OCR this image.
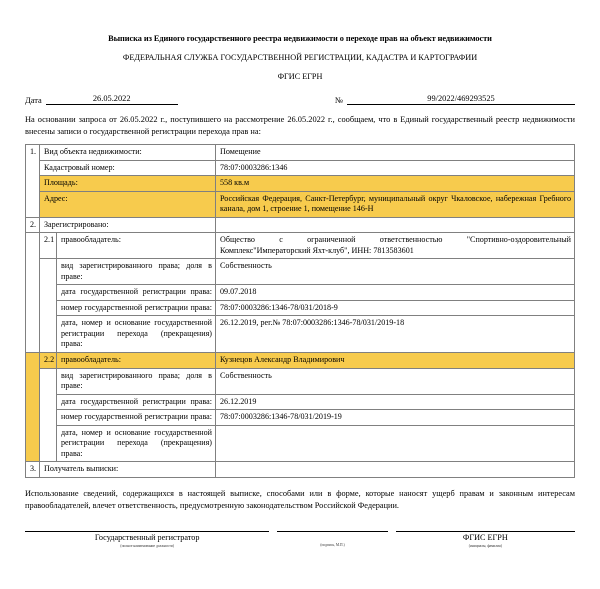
Выписка из Единого государственного реестра недвижимости о переходе прав на объект недвижимости
ФЕДЕРАЛЬНАЯ СЛУЖБА ГОСУДАРСТВЕННОЙ РЕГИСТРАЦИИ, КАДАСТРА И КАРТОГРАФИИ
ФГИС ЕГРН
Дата	26.05.2022	№	99/2022/469293525
На основании запроса от 26.05.2022 г., поступившего на рассмотрение 26.05.2022 г., сообщаем, что в Единый государственный реестр недвижимости внесены записи о государственной регистрации перехода прав на:
1.	Вид объекта недвижимости:		Помещение
	Кадастровый номер:		78:07:0003286:1346
	Площадь:		558 кв.м
	Адрес:		Российская Федерация, Санкт-Петербург, муниципальный округ Чкаловское, набережная Гребного канала, дом 1, строение 1, помещение 146-Н
2.	Зарегистрировано:		
	2.1	правообладатель:	Общество с ограниченной ответственностью "Спортивно-оздоровительный Комплекс"Императорский Яхт-клуб", ИНН: 7813583601
		вид зарегистрированного права; доля в праве:	Собственность
		дата государственной регистрации права:	09.07.2018
		номер государственной регистрации права:	78:07:0003286:1346-78/031/2018-9
		дата, номер и основание государственной регистрации перехода (прекращения) права:	26.12.2019, рег.№ 78:07:0003286:1346-78/031/2019-18
	2.2	правообладатель:	Кузнецов Александр Владимирович
		вид зарегистрированного права; доля в праве:	Собственность
		дата государственной регистрации права:	26.12.2019
		номер государственной регистрации права:	78:07:0003286:1346-78/031/2019-19
		дата, номер и основание государственной регистрации перехода (прекращения) права:	
3.	Получатель выписки:		
Использование сведений, содержащихся в настоящей выписке, способами или в форме, которые наносят ущерб правам и законным интересам правообладателей, влечет ответственность, предусмотренную законодательством Российской Федерации.
Государственный регистратор
(полное наименование должности)	(подпись, М.П.)
ФГИС ЕГРН
(инициалы, фамилия)
